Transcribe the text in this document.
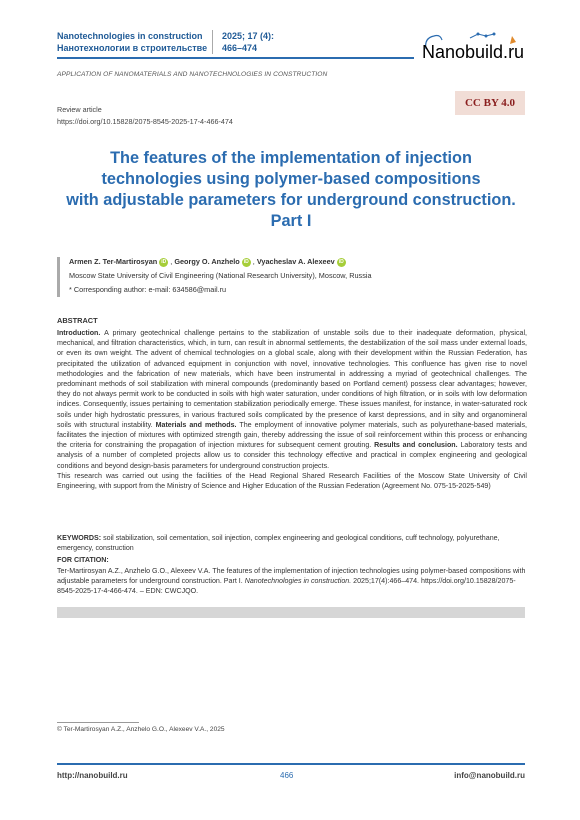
Nanotechnologies in construction
Нанотехнологии в строительстве
2025; 17 (4):
466–474	Nanobuild.ru
APPLICATION OF NANOMATERIALS AND NANOTECHNOLOGIES IN CONSTRUCTION
Review article
https://doi.org/10.15828/2075-8545-2025-17-4-466-474
CC BY 4.0
The features of the implementation of injection
technologies using polymer-based compositions
with adjustable parameters for underground construction.
Part I
Armen Z. Ter-Martirosyan iD , Georgy O. Anzhelo iD , Vyacheslav A. Alexeev iD
Moscow State University of Civil Engineering (National Research University), Moscow, Russia
* Corresponding author: e-mail: 634586@mail.ru
ABSTRACT

Introduction. A primary geotechnical challenge pertains to the stabilization of unstable soils due to their inadequate deformation, physical, mechanical, and filtration characteristics, which, in turn, can result in abnormal settlements, the destabilization of the soil mass under external loads, or even its own weight. The advent of chemical technologies on a global scale, along with their development within the Russian Federation, has precipitated the utilization of advanced equipment in conjunction with novel, innovative technologies. This confluence has given rise to novel methodologies and the fabrication of new materials, which have been instrumental in addressing a myriad of geotechnical challenges. The predominant methods of soil stabilization with mineral compounds (predominantly based on Portland cement) possess clear advantages; however, they do not always permit work to be conducted in soils with high water saturation, under conditions of high filtration, or in soils with low deformation indices. Consequently, issues pertaining to cementation stabilization periodically emerge. These issues manifest, for instance, in water-saturated rock soils under high hydrostatic pressures, in various fractured soils complicated by the presence of karst depressions, and in silty and organomineral soils with structural instability. Materials and methods. The employment of innovative polymer materials, such as polyurethane-based materials, facilitates the injection of mixtures with optimized strength gain, thereby addressing the issue of soil reinforcement within this process or enhancing the criteria for constraining the propagation of injection mixtures for subsequent cement grouting. Results and conclusion. Laboratory tests and analysis of a number of completed projects allow us to consider this technology effective and practical in complex engineering and geological conditions and beyond design-basis parameters for underground construction projects.

This research was carried out using the facilities of the Head Regional Shared Research Facilities of the Moscow State University of Civil Engineering, with support from the Ministry of Science and Higher Education of the Russian Federation (Agreement No. 075-15-2025-549)

KEYWORDS: soil stabilization, soil cementation, soil injection, complex engineering and geological conditions, cuff technology, polyurethane, emergency, construction
FOR CITATION:
Ter-Martirosyan A.Z., Anzhelo G.O., Alexeev V.A. The features of the implementation of injection technologies using polymer-based compositions with adjustable parameters for underground construction. Part I. Nanotechnologies in construction. 2025;17(4):466–474. https://doi.org/10.15828/2075-8545-2025-17-4-466-474. – EDN: CWCJQO.
© Ter-Martirosyan A.Z., Anzhelo G.O., Alexeev V.A., 2025
http://nanobuild.ru	466	info@nanobuild.ru
